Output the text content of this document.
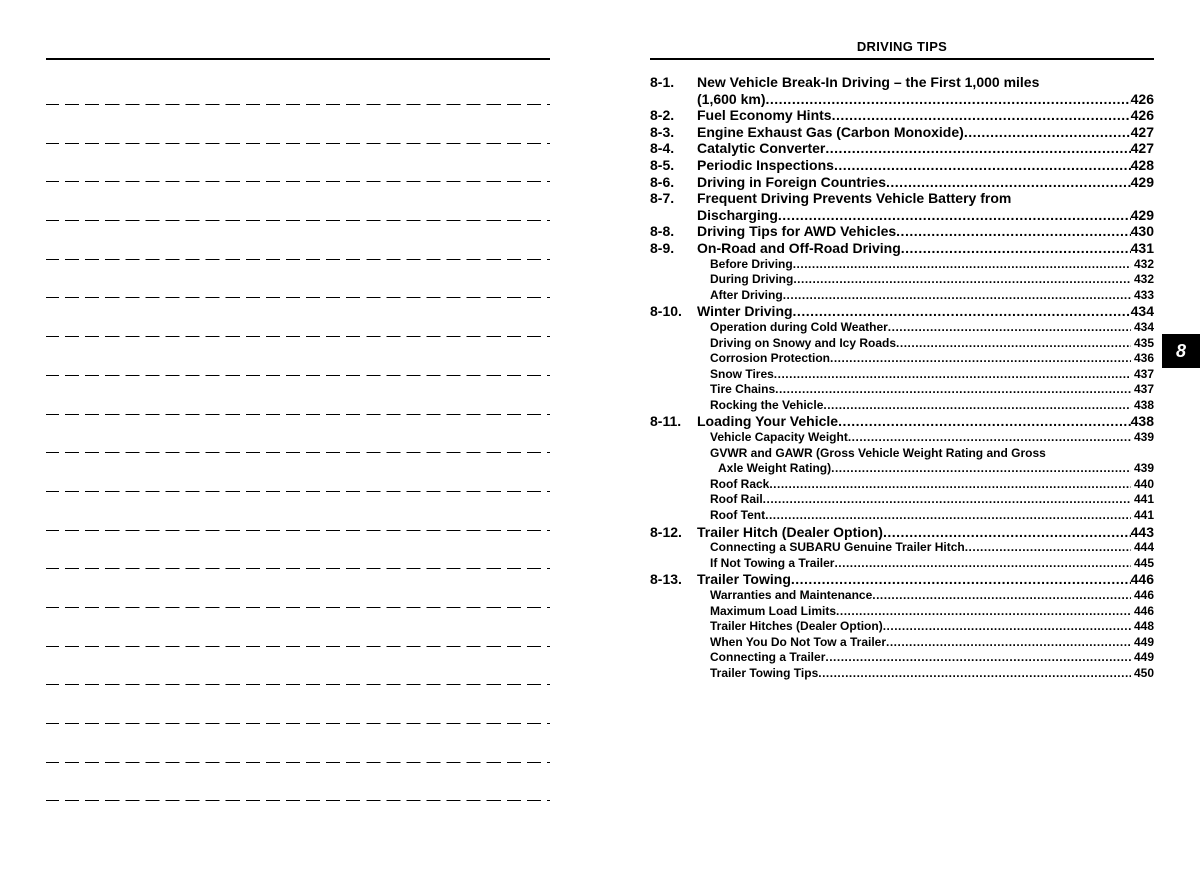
DRIVING TIPS
8-1.	New Vehicle Break-In Driving – the First 1,000 miles
(1,600 km) .....	426
8-2.	Fuel Economy Hints .....	426
8-3.	Engine Exhaust Gas (Carbon Monoxide) .....	427
8-4.	Catalytic Converter .....	427
8-5.	Periodic Inspections .....	428
8-6.	Driving in Foreign Countries .....	429
8-7.	Frequent Driving Prevents Vehicle Battery from
Discharging .....	429
8-8.	Driving Tips for AWD Vehicles .....	430
8-9.	On-Road and Off-Road Driving .....	431
Before Driving .....	432
During Driving .....	432
After Driving .....	433
8-10.	Winter Driving .....	434
Operation during Cold Weather .....	434
Driving on Snowy and Icy Roads .....	435
Corrosion Protection .....	436
Snow Tires .....	437
Tire Chains .....	437
Rocking the Vehicle .....	438
8-11.	Loading Your Vehicle .....	438
Vehicle Capacity Weight .....	439
GVWR and GAWR (Gross Vehicle Weight Rating and Gross
Axle Weight Rating) .....	439
Roof Rack .....	440
Roof Rail .....	441
Roof Tent .....	441
8-12.	Trailer Hitch (Dealer Option) .....	443
Connecting a SUBARU Genuine Trailer Hitch .....	444
If Not Towing a Trailer .....	445
8-13.	Trailer Towing .....	446
Warranties and Maintenance .....	446
Maximum Load Limits .....	446
Trailer Hitches (Dealer Option) .....	448
When You Do Not Tow a Trailer .....	449
Connecting a Trailer .....	449
Trailer Towing Tips .....	450
8
